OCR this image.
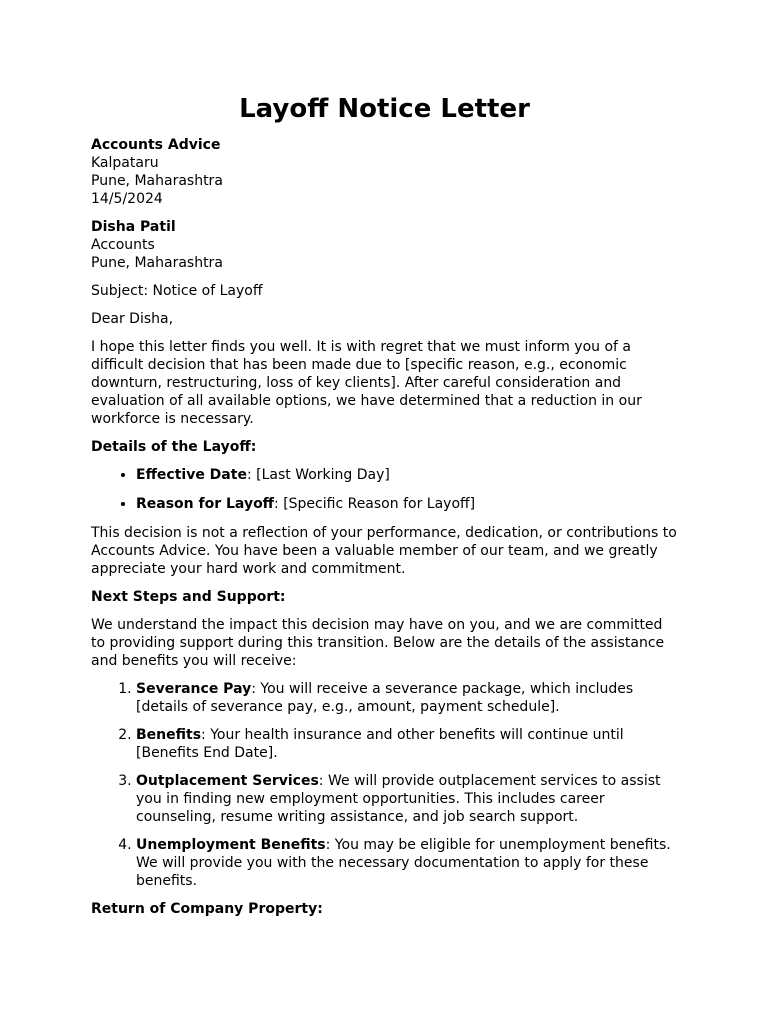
Layoff Notice Letter
Accounts Advice
Kalpataru
Pune, Maharashtra
14/5/2024
Disha Patil
Accounts
Pune, Maharashtra

Subject: Notice of Layoff

Dear Disha,

I hope this letter finds you well. It is with regret that we must inform you of a difficult decision that has been made due to [specific reason, e.g., economic downturn, restructuring, loss of key clients]. After careful consideration and evaluation of all available options, we have determined that a reduction in our workforce is necessary.

Details of the Layoff:
• Effective Date: [Last Working Day]
• Reason for Layoff: [Specific Reason for Layoff]

This decision is not a reflection of your performance, dedication, or contributions to Accounts Advice. You have been a valuable member of our team, and we greatly appreciate your hard work and commitment.

Next Steps and Support:

We understand the impact this decision may have on you, and we are committed to providing support during this transition. Below are the details of the assistance and benefits you will receive:

1. Severance Pay: You will receive a severance package, which includes [details of severance pay, e.g., amount, payment schedule].
2. Benefits: Your health insurance and other benefits will continue until [Benefits End Date].
3. Outplacement Services: We will provide outplacement services to assist you in finding new employment opportunities. This includes career counseling, resume writing assistance, and job search support.
4. Unemployment Benefits: You may be eligible for unemployment benefits. We will provide you with the necessary documentation to apply for these benefits.
Return of Company Property:
